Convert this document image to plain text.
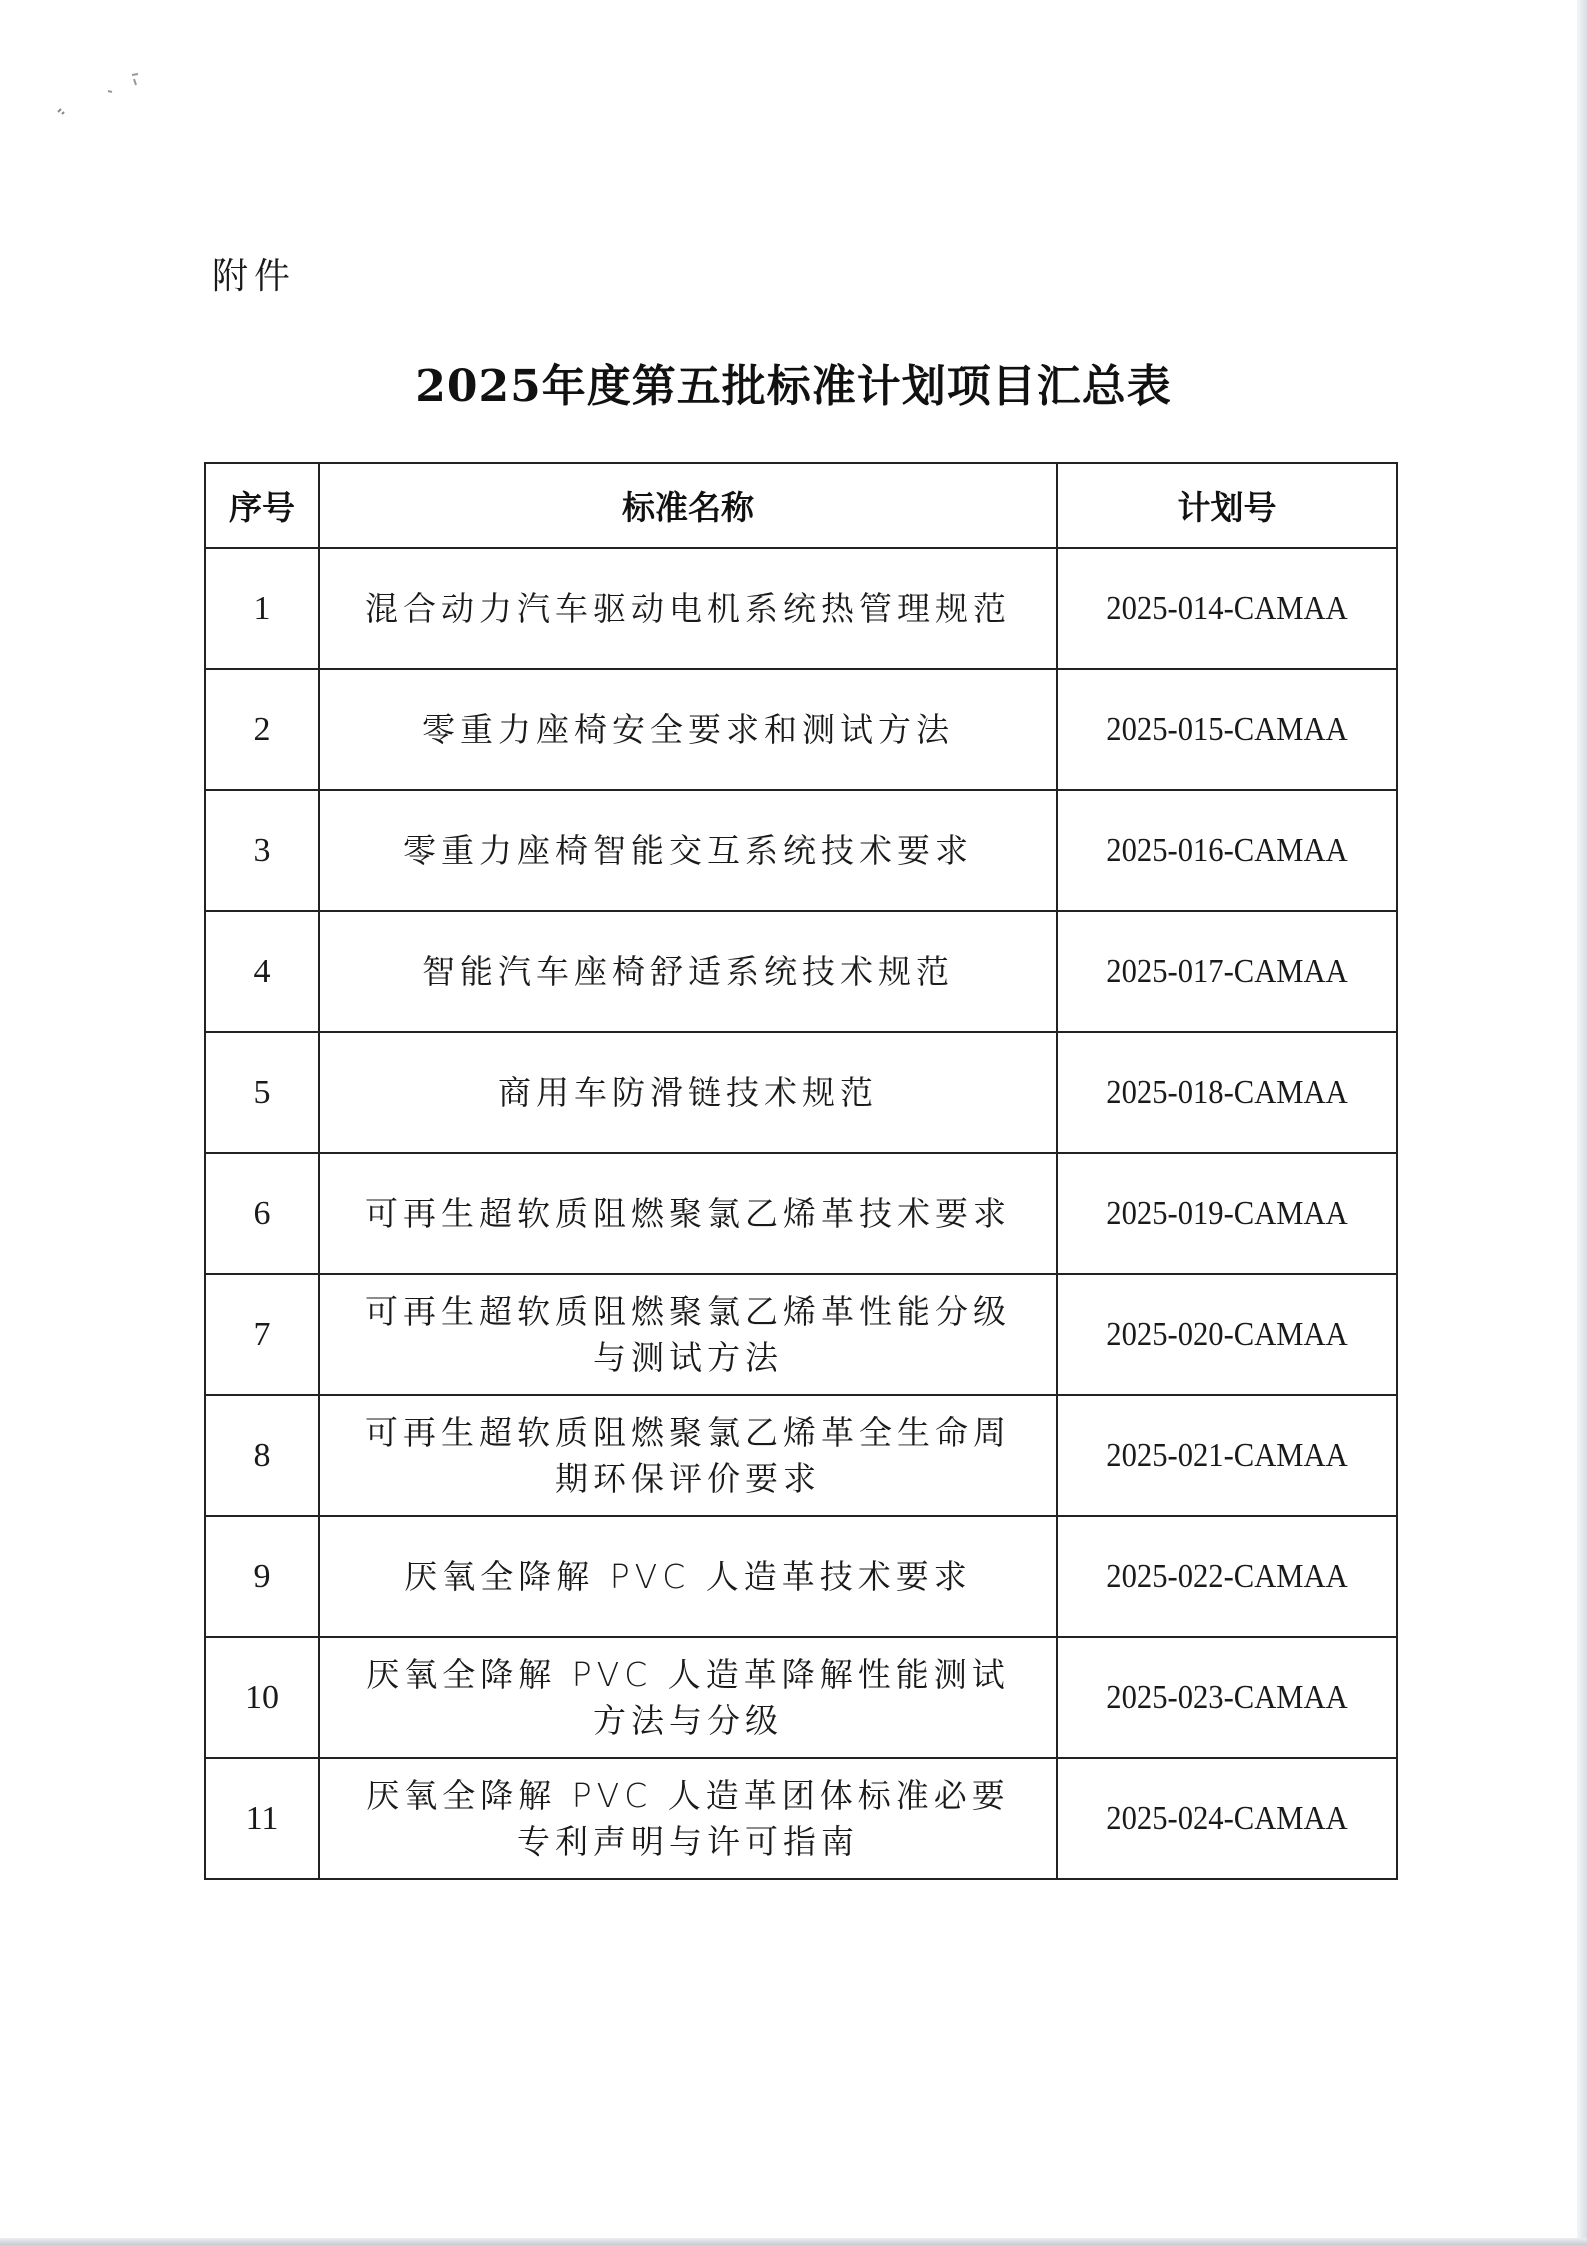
附件
2025年度第五批标准计划项目汇总表
序号	标准名称	计划号
1	混合动力汽车驱动电机系统热管理规范	2025-014-CAMAA
2	零重力座椅安全要求和测试方法	2025-015-CAMAA
3	零重力座椅智能交互系统技术要求	2025-016-CAMAA
4	智能汽车座椅舒适系统技术规范	2025-017-CAMAA
5	商用车防滑链技术规范	2025-018-CAMAA
6	可再生超软质阻燃聚氯乙烯革技术要求	2025-019-CAMAA
7	可再生超软质阻燃聚氯乙烯革性能分级与测试方法	2025-020-CAMAA
8	可再生超软质阻燃聚氯乙烯革全生命周期环保评价要求	2025-021-CAMAA
9	厌氧全降解 PVC 人造革技术要求	2025-022-CAMAA
10	厌氧全降解 PVC 人造革降解性能测试方法与分级	2025-023-CAMAA
11	厌氧全降解 PVC 人造革团体标准必要专利声明与许可指南	2025-024-CAMAA
